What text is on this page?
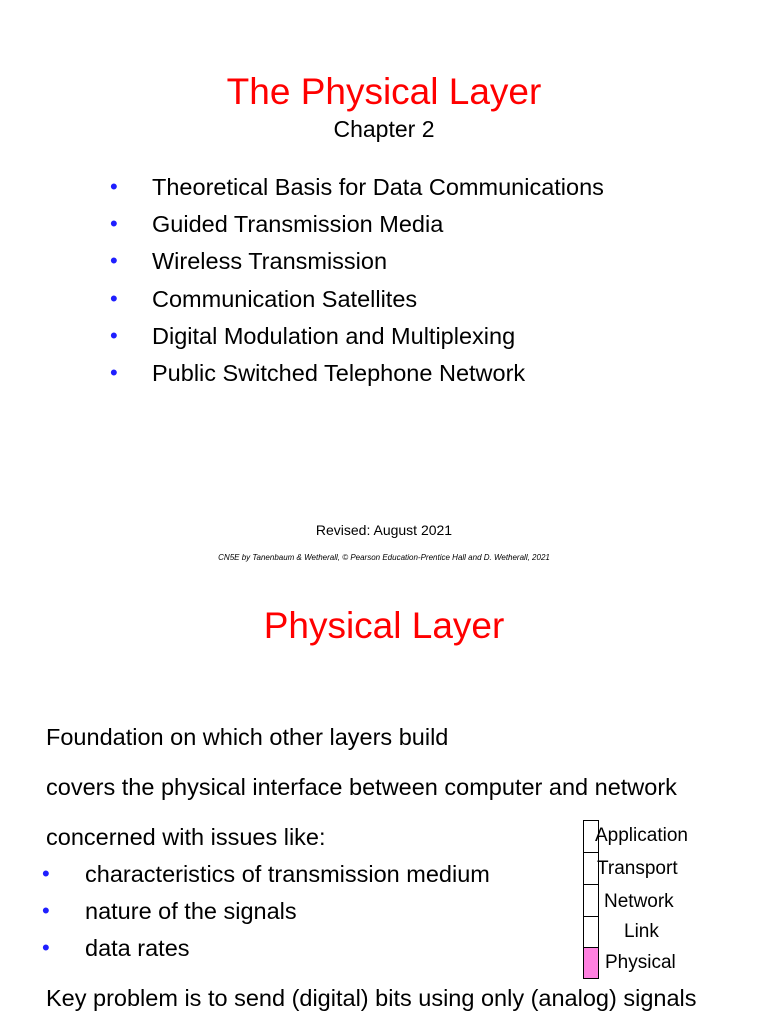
The Physical Layer
Chapter 2
• Theoretical Basis for Data Communications
• Guided Transmission Media
• Wireless Transmission
• Communication Satellites
• Digital Modulation and Multiplexing
• Public Switched Telephone Network
Revised: August 2021
CN5E by Tanenbaum & Wetherall, © Pearson Education-Prentice Hall and D. Wetherall, 2021
Physical Layer
Foundation on which other layers build
covers the physical interface between computer and network
concerned with issues like:
• characteristics of transmission medium
• nature of the signals
• data rates
Key problem is to send (digital) bits using only (analog) signals
Application
Transport
Network
Link
Physical
